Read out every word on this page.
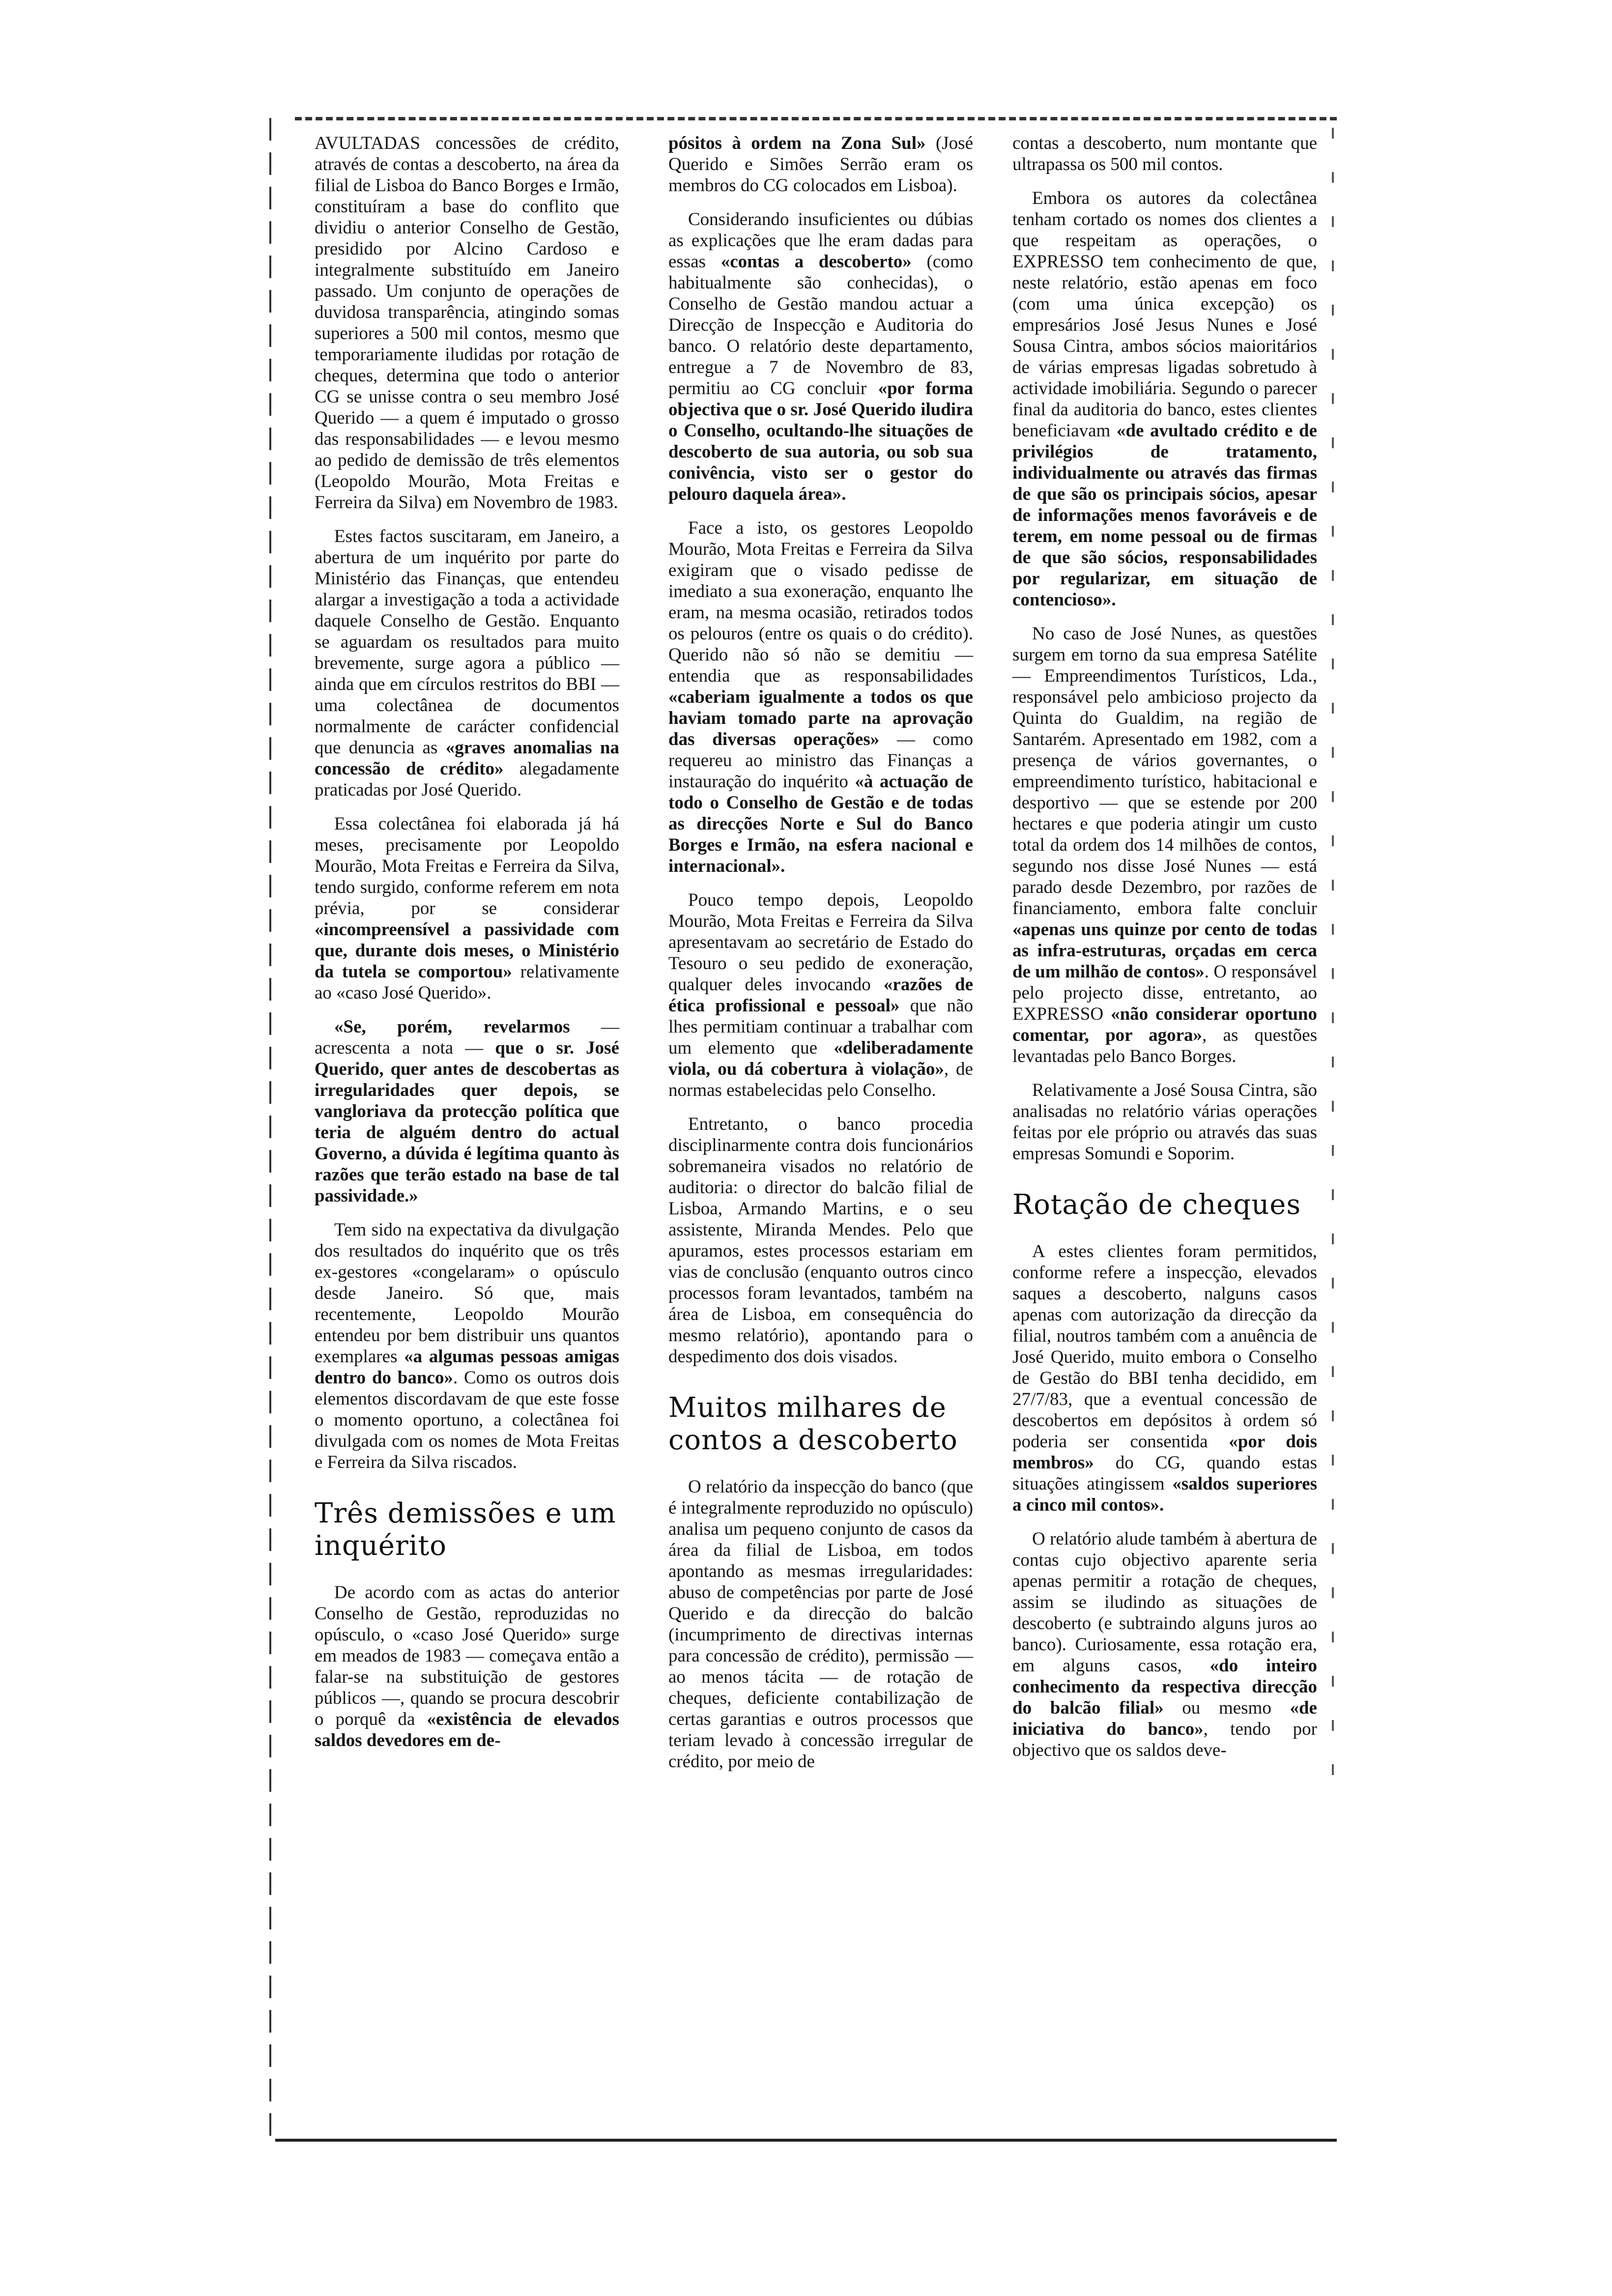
AVULTADAS concessões de crédito, através de contas a descoberto, na área da filial de Lisboa do Banco Borges e Irmão, constituíram a base do conflito que dividiu o anterior Conselho de Gestão, presidido por Alcino Cardoso e integralmente substituído em Janeiro passado. Um conjunto de operações de duvidosa transparência, atingindo somas superiores a 500 mil contos, mesmo que temporariamente iludidas por rotação de cheques, determina que todo o anterior CG se unisse contra o seu membro José Querido — a quem é imputado o grosso das responsabilidades — e levou mesmo ao pedido de demissão de três elementos (Leopoldo Mourão, Mota Freitas e Ferreira da Silva) em Novembro de 1983.

Estes factos suscitaram, em Janeiro, a abertura de um inquérito por parte do Ministério das Finanças, que entendeu alargar a investigação a toda a actividade daquele Conselho de Gestão. Enquanto se aguardam os resultados para muito brevemente, surge agora a público — ainda que em círculos restritos do BBI — uma colectânea de documentos normalmente de carácter confidencial que denuncia as «graves anomalias na concessão de crédito» alegadamente praticadas por José Querido.

Essa colectânea foi elaborada já há meses, precisamente por Leopoldo Mourão, Mota Freitas e Ferreira da Silva, tendo surgido, conforme referem em nota prévia, por se considerar «incompreensível a passividade com que, durante dois meses, o Ministério da tutela se comportou» relativamente ao «caso José Querido».

«Se, porém, revelarmos — acrescenta a nota — que o sr. José Querido, quer antes de descobertas as irregularidades quer depois, se vangloriava da protecção política que teria de alguém dentro do actual Governo, a dúvida é legítima quanto às razões que terão estado na base de tal passividade.»

Tem sido na expectativa da divulgação dos resultados do inquérito que os três ex-gestores «congelaram» o opúsculo desde Janeiro. Só que, mais recentemente, Leopoldo Mourão entendeu por bem distribuir uns quantos exemplares «a algumas pessoas amigas dentro do banco». Como os outros dois elementos discordavam de que este fosse o momento oportuno, a colectânea foi divulgada com os nomes de Mota Freitas e Ferreira da Silva riscados.

Três demissões e um inquérito

De acordo com as actas do anterior Conselho de Gestão, reproduzidas no opúsculo, o «caso José Querido» surge em meados de 1983 — começava então a falar-se na substituição de gestores públicos —, quando se procura descobrir o porquê da «existência de elevados saldos devedores em de-

pósitos à ordem na Zona Sul» (José Querido e Simões Serrão eram os membros do CG colocados em Lisboa).

Considerando insuficientes ou dúbias as explicações que lhe eram dadas para essas «contas a descoberto» (como habitualmente são conhecidas), o Conselho de Gestão mandou actuar a Direcção de Inspecção e Auditoria do banco. O relatório deste departamento, entregue a 7 de Novembro de 83, permitiu ao CG concluir «por forma objectiva que o sr. José Querido iludira o Conselho, ocultando-lhe situações de descoberto de sua autoria, ou sob sua conivência, visto ser o gestor do pelouro daquela área».

Face a isto, os gestores Leopoldo Mourão, Mota Freitas e Ferreira da Silva exigiram que o visado pedisse de imediato a sua exoneração, enquanto lhe eram, na mesma ocasião, retirados todos os pelouros (entre os quais o do crédito). Querido não só não se demitiu — entendia que as responsabilidades «caberiam igualmente a todos os que haviam tomado parte na aprovação das diversas operações» — como requereu ao ministro das Finanças a instauração do inquérito «à actuação de todo o Conselho de Gestão e de todas as direcções Norte e Sul do Banco Borges e Irmão, na esfera nacional e internacional».

Pouco tempo depois, Leopoldo Mourão, Mota Freitas e Ferreira da Silva apresentavam ao secretário de Estado do Tesouro o seu pedido de exoneração, qualquer deles invocando «razões de ética profissional e pessoal» que não lhes permitiam continuar a trabalhar com um elemento que «deliberadamente viola, ou dá cobertura à violação», de normas estabelecidas pelo Conselho.

Entretanto, o banco procedia disciplinarmente contra dois funcionários sobremaneira visados no relatório de auditoria: o director do balcão filial de Lisboa, Armando Martins, e o seu assistente, Miranda Mendes. Pelo que apuramos, estes processos estariam em vias de conclusão (enquanto outros cinco processos foram levantados, também na área de Lisboa, em consequência do mesmo relatório), apontando para o despedimento dos dois visados.

Muitos milhares de contos a descoberto

O relatório da inspecção do banco (que é integralmente reproduzido no opúsculo) analisa um pequeno conjunto de casos da área da filial de Lisboa, em todos apontando as mesmas irregularidades: abuso de competências por parte de José Querido e da direcção do balcão (incumprimento de directivas internas para concessão de crédito), permissão — ao menos tácita — de rotação de cheques, deficiente contabilização de certas garantias e outros processos que teriam levado à concessão irregular de crédito, por meio de

contas a descoberto, num montante que ultrapassa os 500 mil contos.

Embora os autores da colectânea tenham cortado os nomes dos clientes a que respeitam as operações, o EXPRESSO tem conhecimento de que, neste relatório, estão apenas em foco (com uma única excepção) os empresários José Jesus Nunes e José Sousa Cintra, ambos sócios maioritários de várias empresas ligadas sobretudo à actividade imobiliária. Segundo o parecer final da auditoria do banco, estes clientes beneficiavam «de avultado crédito e de privilégios de tratamento, individualmente ou através das firmas de que são os principais sócios, apesar de informações menos favoráveis e de terem, em nome pessoal ou de firmas de que são sócios, responsabilidades por regularizar, em situação de contencioso».

No caso de José Nunes, as questões surgem em torno da sua empresa Satélite — Empreendimentos Turísticos, Lda., responsável pelo ambicioso projecto da Quinta do Gualdim, na região de Santarém. Apresentado em 1982, com a presença de vários governantes, o empreendimento turístico, habitacional e desportivo — que se estende por 200 hectares e que poderia atingir um custo total da ordem dos 14 milhões de contos, segundo nos disse José Nunes — está parado desde Dezembro, por razões de financiamento, embora falte concluir «apenas uns quinze por cento de todas as infra-estruturas, orçadas em cerca de um milhão de contos». O responsável pelo projecto disse, entretanto, ao EXPRESSO «não considerar oportuno comentar, por agora», as questões levantadas pelo Banco Borges.

Relativamente a José Sousa Cintra, são analisadas no relatório várias operações feitas por ele próprio ou através das suas empresas Somundi e Soporim.

Rotação de cheques

A estes clientes foram permitidos, conforme refere a inspecção, elevados saques a descoberto, nalguns casos apenas com autorização da direcção da filial, noutros também com a anuência de José Querido, muito embora o Conselho de Gestão do BBI tenha decidido, em 27/7/83, que a eventual concessão de descobertos em depósitos à ordem só poderia ser consentida «por dois membros» do CG, quando estas situações atingissem «saldos superiores a cinco mil contos».

O relatório alude também à abertura de contas cujo objectivo aparente seria apenas permitir a rotação de cheques, assim se iludindo as situações de descoberto (e subtraindo alguns juros ao banco). Curiosamente, essa rotação era, em alguns casos, «do inteiro conhecimento da respectiva direcção do balcão filial» ou mesmo «de iniciativa do banco», tendo por objectivo que os saldos deve-
